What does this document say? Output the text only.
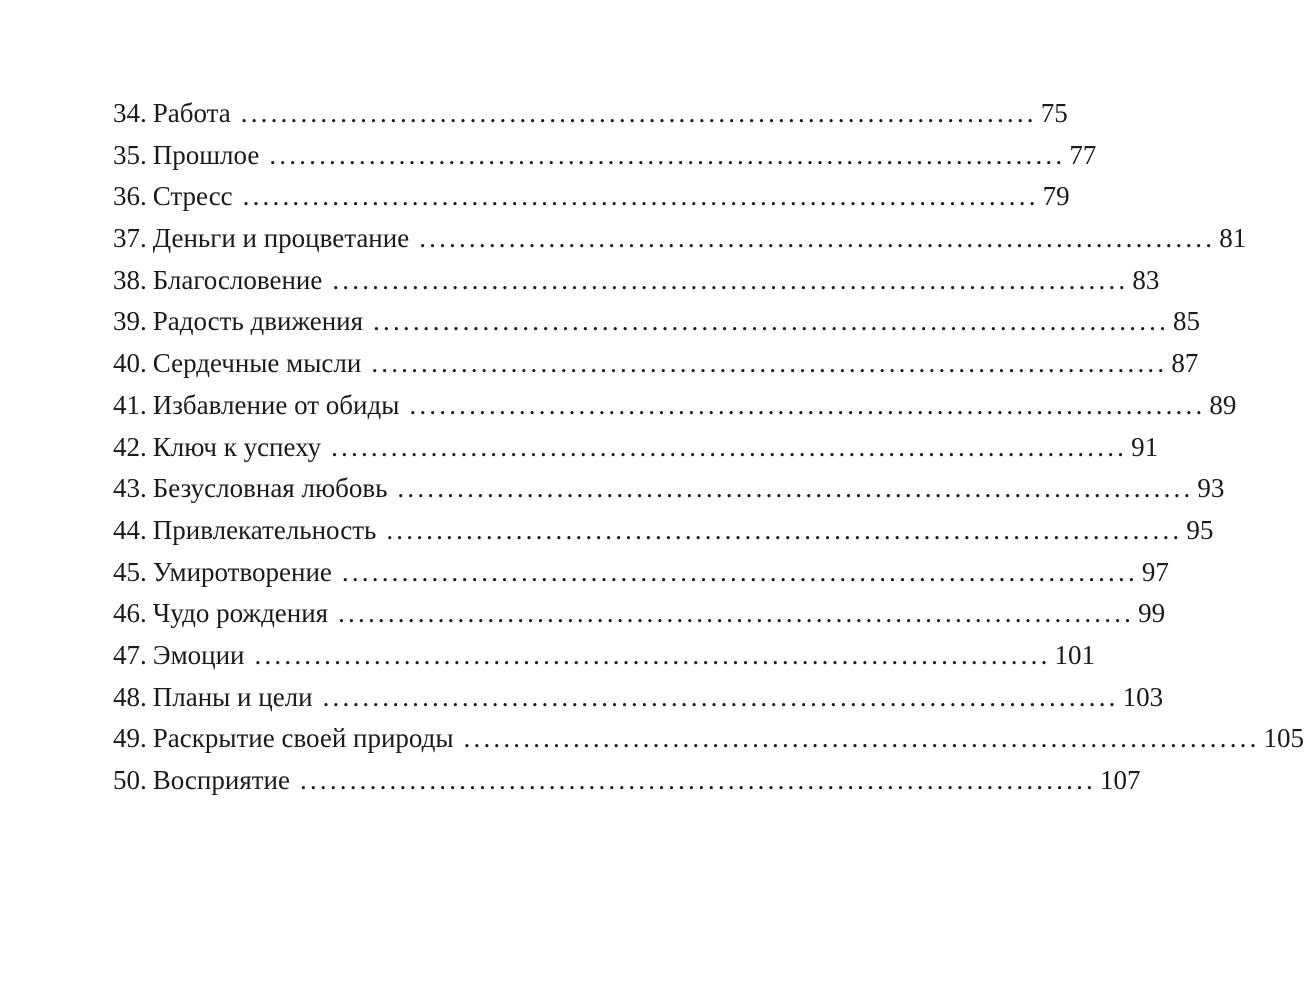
34. Работа ................................................................................ 75
35. Прошлое ................................................................................ 77
36. Стресс ................................................................................ 79
37. Деньги и процветание ................................................................................ 81
38. Благословение ................................................................................ 83
39. Радость движения ................................................................................ 85
40. Сердечные мысли ................................................................................ 87
41. Избавление от обиды ................................................................................ 89
42. Ключ к успеху ................................................................................ 91
43. Безусловная любовь ................................................................................ 93
44. Привлекательность ................................................................................ 95
45. Умиротворение ................................................................................ 97
46. Чудо рождения ................................................................................ 99
47. Эмоции ................................................................................ 101
48. Планы и цели ................................................................................ 103
49. Раскрытие своей природы ................................................................................ 105
50. Восприятие ................................................................................ 107
